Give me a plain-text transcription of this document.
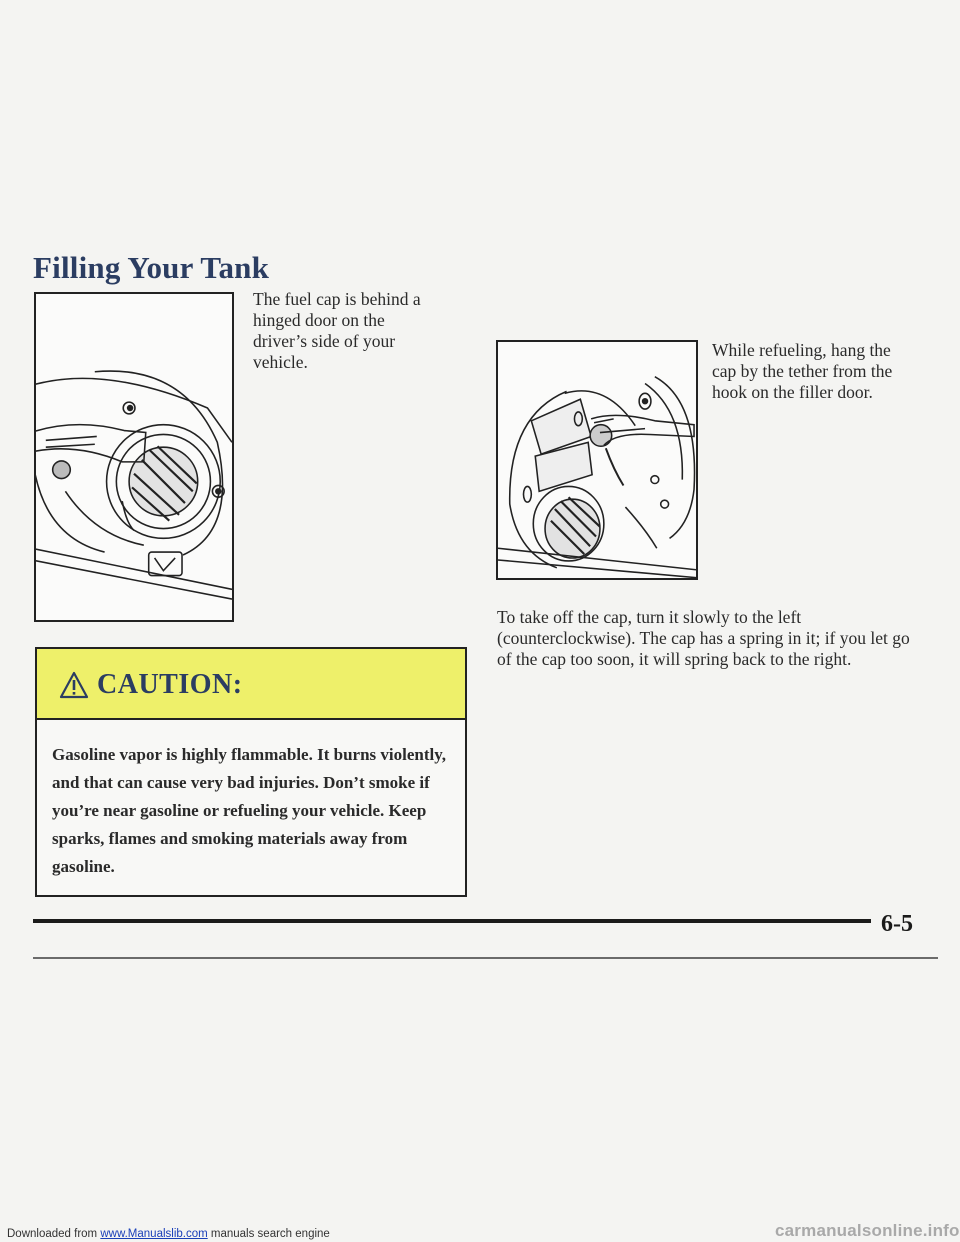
Filling Your Tank

The fuel cap is behind a hinged door on the driver’s side of your vehicle.

CAUTION:

Gasoline vapor is highly flammable. It burns violently, and that can cause very bad injuries. Don’t smoke if you’re near gasoline or refueling your vehicle. Keep sparks, flames and smoking materials away from gasoline.

While refueling, hang the cap by the tether from the hook on the filler door.

To take off the cap, turn it slowly to the left (counterclockwise). The cap has a spring in it; if you let go of the cap too soon, it will spring back to the right.

6-5
Downloaded from www.Manualslib.com manuals search engine	carmanualsonline.info
